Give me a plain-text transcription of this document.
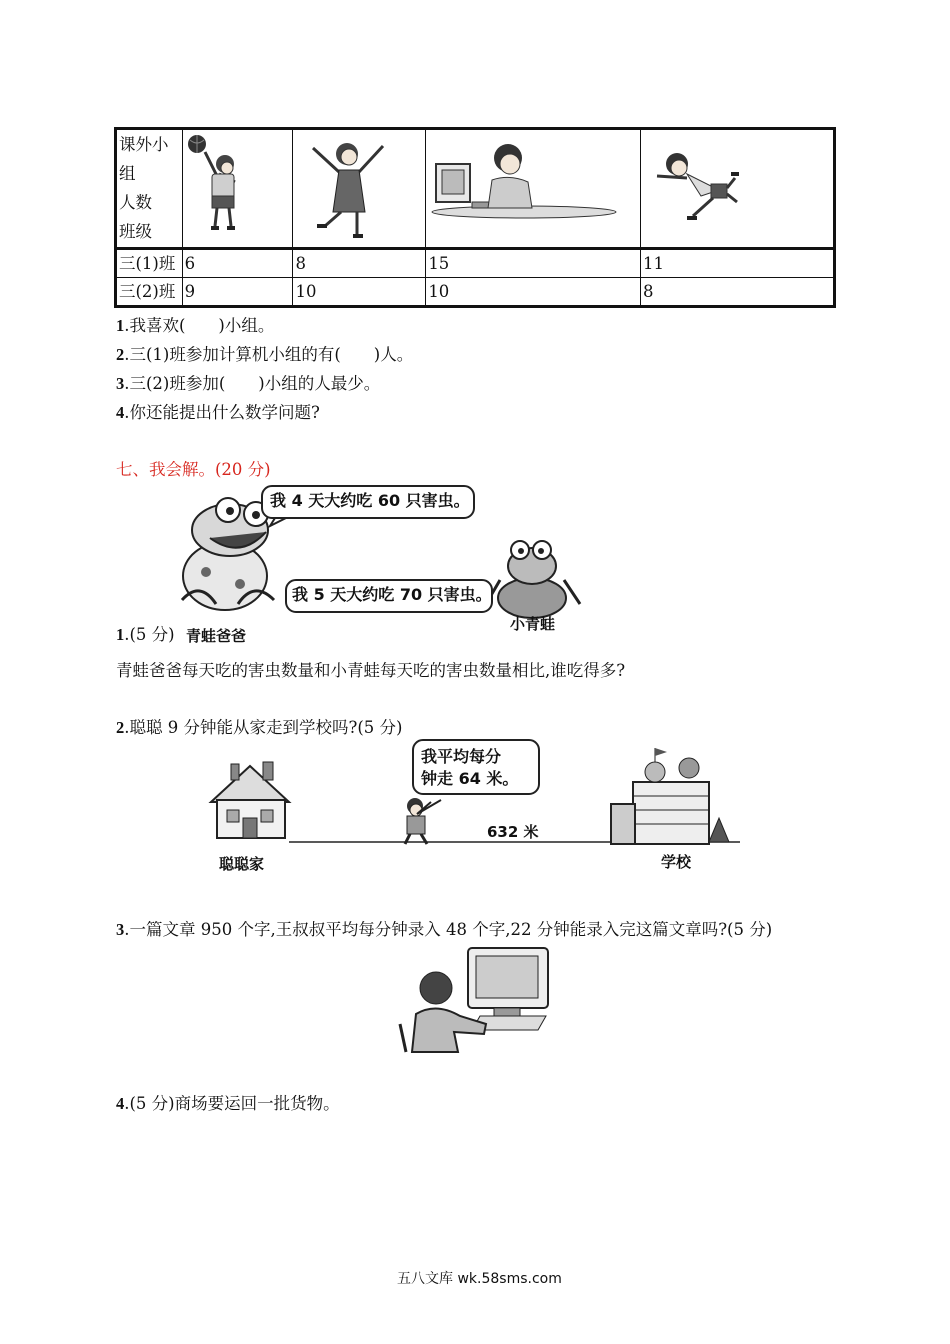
课外小
组
人数
班级

三(1)班	6	8	15	11
三(2)班	9	10	10	8
1.我喜欢(　　)小组。
2.三(1)班参加计算机小组的有(　　)人。
3.三(2)班参加(　　)小组的人最少。
4.你还能提出什么数学问题?
七、我会解。(20 分)
我 4 天大约吃 60 只害虫。
我 5 天大约吃 70 只害虫。
1.(5 分) 青蛙爸爸
小青蛙
青蛙爸爸每天吃的害虫数量和小青蛙每天吃的害虫数量相比,谁吃得多?
2.聪聪 9 分钟能从家走到学校吗?(5 分)
我平均每分
钟走 64 米。
632 米
聪聪家	学校
3.一篇文章 950 个字,王叔叔平均每分钟录入 48 个字,22 分钟能录入完这篇文章吗?(5 分)
4.(5 分)商场要运回一批货物。
五八文库 wk.58sms.com
